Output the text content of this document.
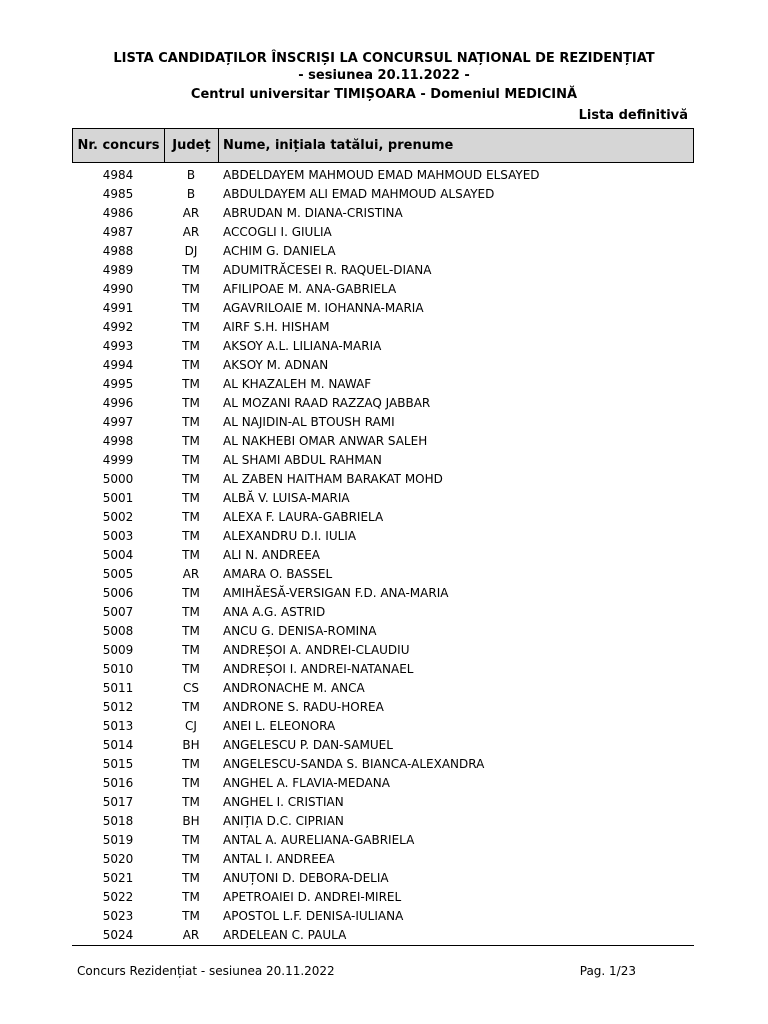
LISTA CANDIDAȚILOR ÎNSCRIȘI LA CONCURSUL NAȚIONAL DE REZIDENȚIAT
- sesiunea 20.11.2022 -
Centrul universitar TIMIȘOARA - Domeniul MEDICINĂ
Lista definitivă
Nr. concurs Județ Nume, inițiala tatălui, prenume
4984	B	ABDELDAYEM MAHMOUD EMAD MAHMOUD ELSAYED
4985	B	ABDULDAYEM ALI EMAD MAHMOUD ALSAYED
4986	AR	ABRUDAN M. DIANA-CRISTINA
4987	AR	ACCOGLI I. GIULIA
4988	DJ	ACHIM G. DANIELA
4989	TM	ADUMITRĂCESEI R. RAQUEL-DIANA
4990	TM	AFILIPOAE M. ANA-GABRIELA
4991	TM	AGAVRILOAIE M. IOHANNA-MARIA
4992	TM	AIRF S.H. HISHAM
4993	TM	AKSOY A.L. LILIANA-MARIA
4994	TM	AKSOY M. ADNAN
4995	TM	AL KHAZALEH M. NAWAF
4996	TM	AL MOZANI RAAD RAZZAQ JABBAR
4997	TM	AL NAJIDIN-AL BTOUSH RAMI
4998	TM	AL NAKHEBI OMAR ANWAR SALEH
4999	TM	AL SHAMI ABDUL RAHMAN
5000	TM	AL ZABEN HAITHAM BARAKAT MOHD
5001	TM	ALBĂ V. LUISA-MARIA
5002	TM	ALEXA F. LAURA-GABRIELA
5003	TM	ALEXANDRU D.I. IULIA
5004	TM	ALI N. ANDREEA
5005	AR	AMARA O. BASSEL
5006	TM	AMIHĂESĂ-VERSIGAN F.D. ANA-MARIA
5007	TM	ANA A.G. ASTRID
5008	TM	ANCU G. DENISA-ROMINA
5009	TM	ANDREȘOI A. ANDREI-CLAUDIU
5010	TM	ANDREȘOI I. ANDREI-NATANAEL
5011	CS	ANDRONACHE M. ANCA
5012	TM	ANDRONE S. RADU-HOREA
5013	CJ	ANEI L. ELEONORA
5014	BH	ANGELESCU P. DAN-SAMUEL
5015	TM	ANGELESCU-SANDA S. BIANCA-ALEXANDRA
5016	TM	ANGHEL A. FLAVIA-MEDANA
5017	TM	ANGHEL I. CRISTIAN
5018	BH	ANIȚIA D.C. CIPRIAN
5019	TM	ANTAL A. AURELIANA-GABRIELA
5020	TM	ANTAL I. ANDREEA
5021	TM	ANUȚONI D. DEBORA-DELIA
5022	TM	APETROAIEI D. ANDREI-MIREL
5023	TM	APOSTOL L.F. DENISA-IULIANA
5024	AR	ARDELEAN C. PAULA
Concurs Rezidențiat - sesiunea 20.11.2022	Pag. 1/23
